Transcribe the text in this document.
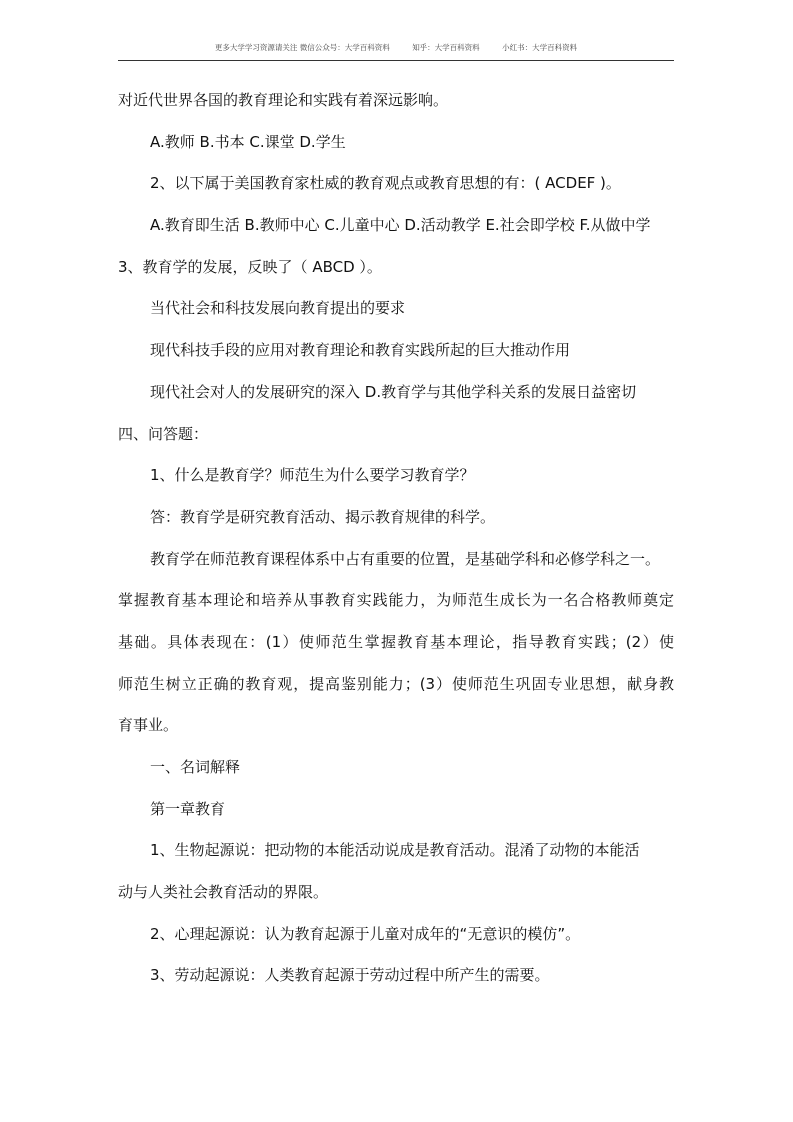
更多大学学习资源请关注 微信公众号：大学百科资料	知乎：大学百科资料	小红书：大学百科资料
对近代世界各国的教育理论和实践有着深远影响。
A.教师 B.书本 C.课堂 D.学生
2、以下属于美国教育家杜威的教育观点或教育思想的有：( ACDEF )。
A.教育即生活 B.教师中心 C.儿童中心 D.活动教学 E.社会即学校 F.从做中学
3、教育学的发展，反映了（ ABCD ）。
当代社会和科技发展向教育提出的要求
现代科技手段的应用对教育理论和教育实践所起的巨大推动作用
现代社会对人的发展研究的深入 D.教育学与其他学科关系的发展日益密切
四、问答题：
1、什么是教育学？师范生为什么要学习教育学？
答：教育学是研究教育活动、揭示教育规律的科学。
教育学在师范教育课程体系中占有重要的位置，是基础学科和必修学科之一。
掌握教育基本理论和培养从事教育实践能力，为师范生成长为一名合格教师奠定
基础。具体表现在：(1）使师范生掌握教育基本理论，指导教育实践；(2）使
师范生树立正确的教育观，提高鉴别能力；(3）使师范生巩固专业思想，献身教
育事业。
一、名词解释
第一章教育
1、生物起源说：把动物的本能活动说成是教育活动。混淆了动物的本能活
动与人类社会教育活动的界限。
2、心理起源说：认为教育起源于儿童对成年的“无意识的模仿”。
3、劳动起源说：人类教育起源于劳动过程中所产生的需要。
